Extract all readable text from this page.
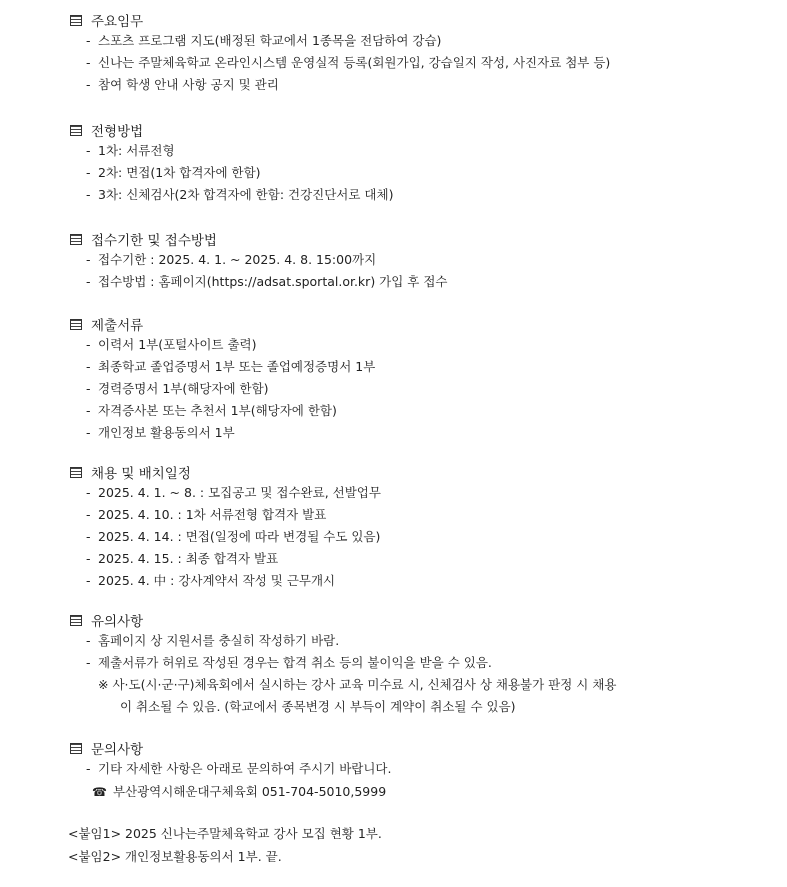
주요임무
- 스포츠 프로그램 지도(배정된 학교에서 1종목을 전담하여 강습)
- 신나는 주말체육학교 온라인시스템 운영실적 등록(회원가입, 강습일지 작성, 사진자료 첨부 등)
- 참여 학생 안내 사항 공지 및 관리
전형방법
- 1차: 서류전형
- 2차: 면접(1차 합격자에 한함)
- 3차: 신체검사(2차 합격자에 한함: 건강진단서로 대체)
접수기한 및 접수방법
- 접수기한 : 2025. 4. 1. ~ 2025. 4. 8. 15:00까지
- 접수방법 : 홈페이지(https://adsat.sportal.or.kr) 가입 후 접수
제출서류
- 이력서 1부(포털사이트 출력)
- 최종학교 졸업증명서 1부 또는 졸업예정증명서 1부
- 경력증명서 1부(해당자에 한함)
- 자격증사본 또는 추천서 1부(해당자에 한함)
- 개인정보 활용동의서 1부
채용 및 배치일정
- 2025. 4. 1. ~ 8. : 모집공고 및 접수완료, 선발업무
- 2025. 4. 10. : 1차 서류전형 합격자 발표
- 2025. 4. 14. : 면접(일정에 따라 변경될 수도 있음)
- 2025. 4. 15. : 최종 합격자 발표
- 2025. 4. 中 : 강사계약서 작성 및 근무개시
유의사항
- 홈페이지 상 지원서를 충실히 작성하기 바람.
- 제출서류가 허위로 작성된 경우는 합격 취소 등의 불이익을 받을 수 있음.
※ 사·도(시·군·구)체육회에서 실시하는 강사 교육 미수료 시, 신체검사 상 채용불가 판정 시 채용
이 취소될 수 있음. (학교에서 종목변경 시 부득이 계약이 취소될 수 있음)
문의사항
- 기타 자세한 사항은 아래로 문의하여 주시기 바랍니다.
☎ 부산광역시해운대구체육회 051-704-5010,5999
<붙임1> 2025 신나는주말체육학교 강사 모집 현황 1부.
<붙임2> 개인정보활용동의서 1부. 끝.
